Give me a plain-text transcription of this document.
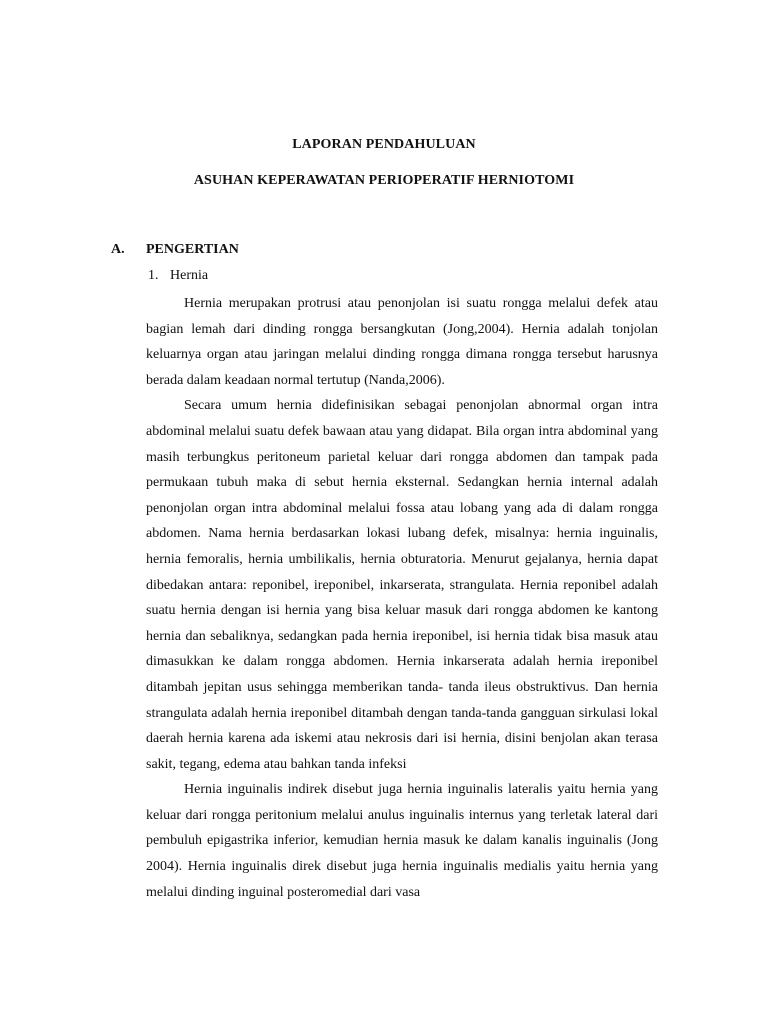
LAPORAN PENDAHULUAN
ASUHAN KEPERAWATAN PERIOPERATIF HERNIOTOMI
A. PENGERTIAN
1. Hernia

Hernia merupakan protrusi atau penonjolan isi suatu rongga melalui defek atau bagian lemah dari dinding rongga bersangkutan (Jong,2004). Hernia adalah tonjolan keluarnya organ atau jaringan melalui dinding rongga dimana rongga tersebut harusnya berada dalam keadaan normal tertutup (Nanda,2006).

Secara umum hernia didefinisikan sebagai penonjolan abnormal organ intra abdominal melalui suatu defek bawaan atau yang didapat. Bila organ intra abdominal yang masih terbungkus peritoneum parietal keluar dari rongga abdomen dan tampak pada permukaan tubuh maka di sebut hernia eksternal. Sedangkan hernia internal adalah penonjolan organ intra abdominal melalui fossa atau lobang yang ada di dalam rongga abdomen. Nama hernia berdasarkan lokasi lubang defek, misalnya: hernia inguinalis, hernia femoralis, hernia umbilikalis, hernia obturatoria. Menurut gejalanya, hernia dapat dibedakan antara: reponibel, ireponibel, inkarserata, strangulata. Hernia reponibel adalah suatu hernia dengan isi hernia yang bisa keluar masuk dari rongga abdomen ke kantong hernia dan sebaliknya, sedangkan pada hernia ireponibel, isi hernia tidak bisa masuk atau dimasukkan ke dalam rongga abdomen. Hernia inkarserata adalah hernia ireponibel ditambah jepitan usus sehingga memberikan tanda- tanda ileus obstruktivus. Dan hernia strangulata adalah hernia ireponibel ditambah dengan tanda-tanda gangguan sirkulasi lokal daerah hernia karena ada iskemi atau nekrosis dari isi hernia, disini benjolan akan terasa sakit, tegang, edema atau bahkan tanda infeksi

Hernia inguinalis indirek disebut juga hernia inguinalis lateralis yaitu hernia yang keluar dari rongga peritonium melalui anulus inguinalis internus yang terletak lateral dari pembuluh epigastrika inferior, kemudian hernia masuk ke dalam kanalis inguinalis (Jong 2004). Hernia inguinalis direk disebut juga hernia inguinalis medialis yaitu hernia yang melalui dinding inguinal posteromedial dari vasa
